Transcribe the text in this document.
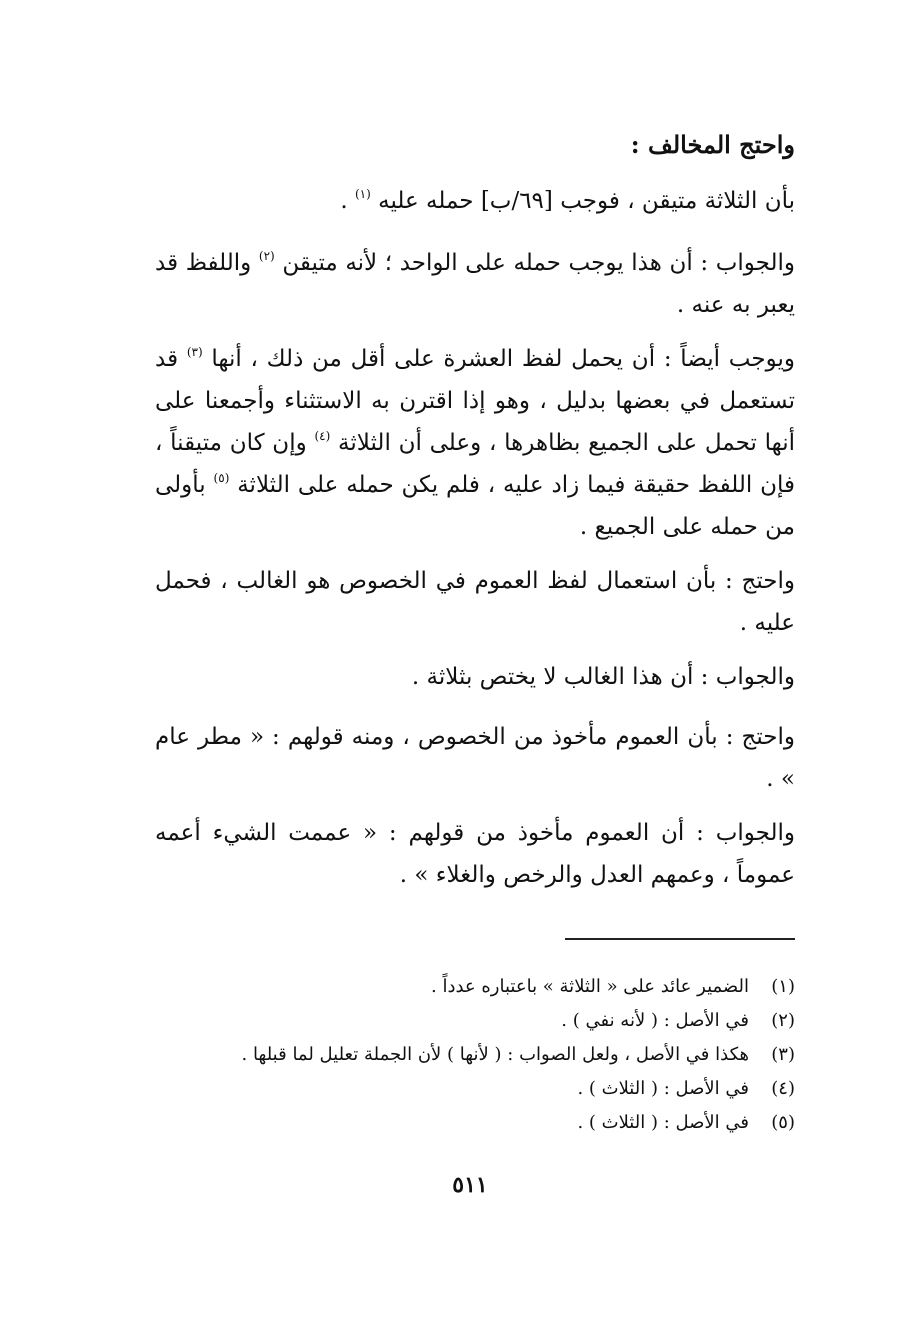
واحتج المخالف :

بأن الثلاثة متيقن ، فوجب [٦٩/ب] حمله عليه $^{(١)}$ .

والجواب : أن هذا يوجب حمله على الواحد ؛ لأنه متيقن $^{(٢)}$ واللفظ قد يعبر به عنه .

ويوجب أيضاً : أن يحمل لفظ العشرة على أقل من ذلك ، أنها $^{(٣)}$ قد تستعمل في بعضها بدليل ، وهو إذا اقترن به الاستثناء وأجمعنا على أنها تحمل على الجميع بظاهرها ، وعلى أن الثلاثة $^{(٤)}$ وإن كان متيقناً ، فإن اللفظ حقيقة فيما زاد عليه ، فلم يكن حمله على الثلاثة $^{(٥)}$ بأولى من حمله على الجميع .

واحتج : بأن استعمال لفظ العموم في الخصوص هو الغالب ، فحمل عليه .

والجواب : أن هذا الغالب لا يختص بثلاثة .

واحتج : بأن العموم مأخوذ من الخصوص ، ومنه قولهم : « مطر عام » .

والجواب : أن العموم مأخوذ من قولهم : « عممت الشيء أعمه عموماً ، وعمهم العدل والرخص والغلاء » .

(١)
الضمير عائد على « الثلاثة » باعتباره عدداً .
(٢)
في الأصل : ( لأنه نفي ) .
(٣)
هكذا في الأصل ، ولعل الصواب : ( لأنها ) لأن الجملة تعليل لما قبلها .
(٤)
في الأصل : ( الثلاث ) .
(٥)
في الأصل : ( الثلاث ) .
٥١١
